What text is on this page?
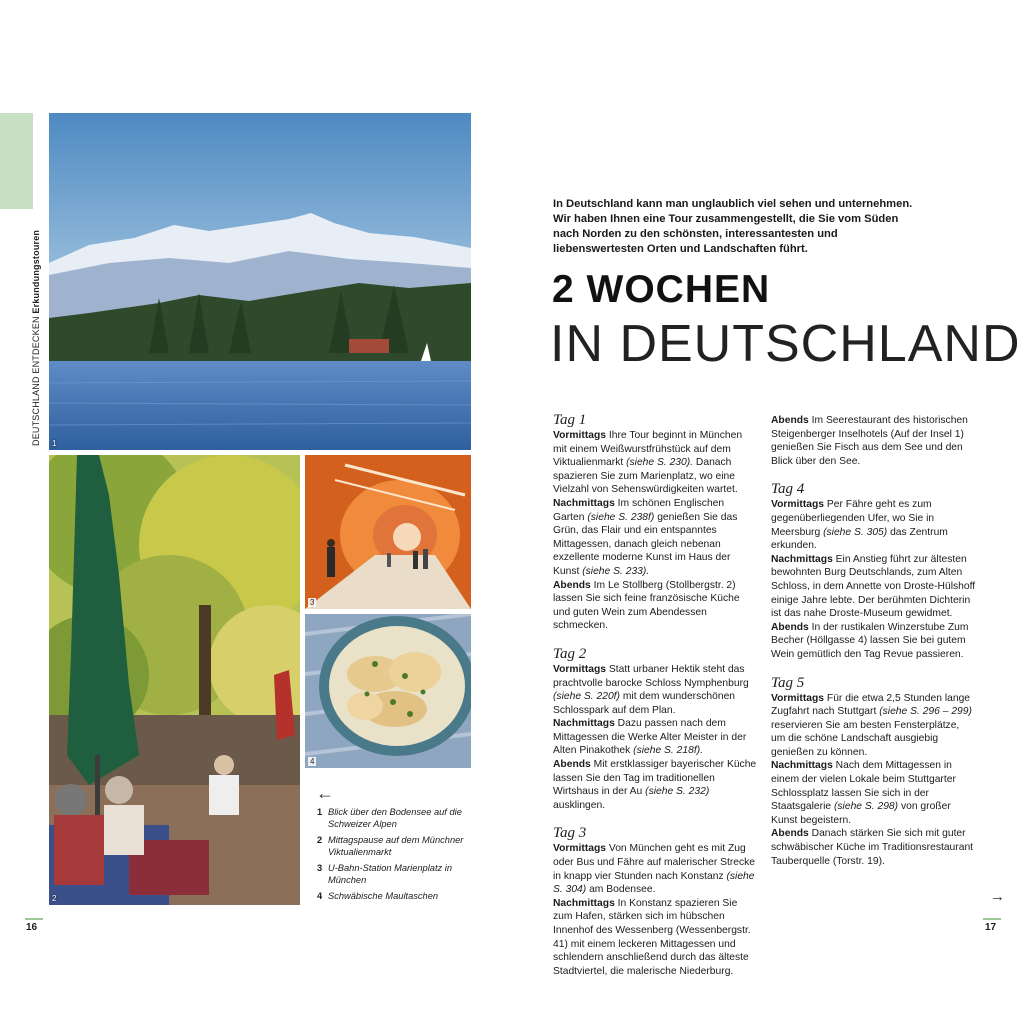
DEUTSCHLAND ENTDECKEN Erkundungstouren
1
2
3
4
←
1 Blick über den Bodensee auf die Schweizer Alpen
2 Mittagspause auf dem Münchner Viktualienmarkt
3 U-Bahn-Station Marienplatz in München
4 Schwäbische Maultaschen
16	17
→
In Deutschland kann man unglaublich viel sehen und unternehmen. Wir haben Ihnen eine Tour zusammengestellt, die Sie vom Süden nach Norden zu den schönsten, interessantesten und liebenswertesten Orten und Landschaften führt.
2 WOCHEN
IN DEUTSCHLAND

Tag 1

Vormittags Ihre Tour beginnt in München mit einem Weißwurstfrühstück auf dem Viktualienmarkt (siehe S. 230). Danach spazieren Sie zum Marienplatz, wo eine Vielzahl von Sehenswürdigkeiten wartet.

Nachmittags Im schönen Englischen Garten (siehe S. 238f) genießen Sie das Grün, das Flair und ein entspanntes Mittagessen, danach gleich nebenan exzellente moderne Kunst im Haus der Kunst (siehe S. 233).

Abends Im Le Stollberg (Stollbergstr. 2) lassen Sie sich feine französische Küche und guten Wein zum Abendessen schmecken.

Tag 2

Vormittags Statt urbaner Hektik steht das prachtvolle barocke Schloss Nymphenburg (siehe S. 220f) mit dem wunderschönen Schlosspark auf dem Plan.

Nachmittags Dazu passen nach dem Mittagessen die Werke Alter Meister in der Alten Pinakothek (siehe S. 218f).

Abends Mit erstklassiger bayerischer Küche lassen Sie den Tag im traditionellen Wirtshaus in der Au (siehe S. 232) ausklingen.

Tag 3

Vormittags Von München geht es mit Zug oder Bus und Fähre auf malerischer Strecke in knapp vier Stunden nach Konstanz (siehe S. 304) am Bodensee.

Nachmittags In Konstanz spazieren Sie zum Hafen, stärken sich im hübschen Innenhof des Wessenberg (Wessenbergstr. 41) mit einem leckeren Mittagessen und schlendern anschließend durch das älteste Stadtviertel, die malerische Niederburg.

Abends Im Seerestaurant des historischen Steigenberger Inselhotels (Auf der Insel 1) genießen Sie Fisch aus dem See und den Blick über den See.

Tag 4

Vormittags Per Fähre geht es zum gegenüberliegenden Ufer, wo Sie in Meersburg (siehe S. 305) das Zentrum erkunden.

Nachmittags Ein Anstieg führt zur ältesten bewohnten Burg Deutschlands, zum Alten Schloss, in dem Annette von Droste-Hülshoff einige Jahre lebte. Der berühmten Dichterin ist das nahe Droste-Museum gewidmet.

Abends In der rustikalen Winzerstube Zum Becher (Höllgasse 4) lassen Sie bei gutem Wein gemütlich den Tag Revue passieren.

Tag 5

Vormittags Für die etwa 2,5 Stunden lange Zugfahrt nach Stuttgart (siehe S. 296 – 299) reservieren Sie am besten Fensterplätze, um die schöne Landschaft ausgiebig genießen zu können.

Nachmittags Nach dem Mittagessen in einem der vielen Lokale beim Stuttgarter Schlossplatz lassen Sie sich in der Staatsgalerie (siehe S. 298) von großer Kunst begeistern.

Abends Danach stärken Sie sich mit guter schwäbischer Küche im Traditionsrestaurant Tauberquelle (Torstr. 19).
